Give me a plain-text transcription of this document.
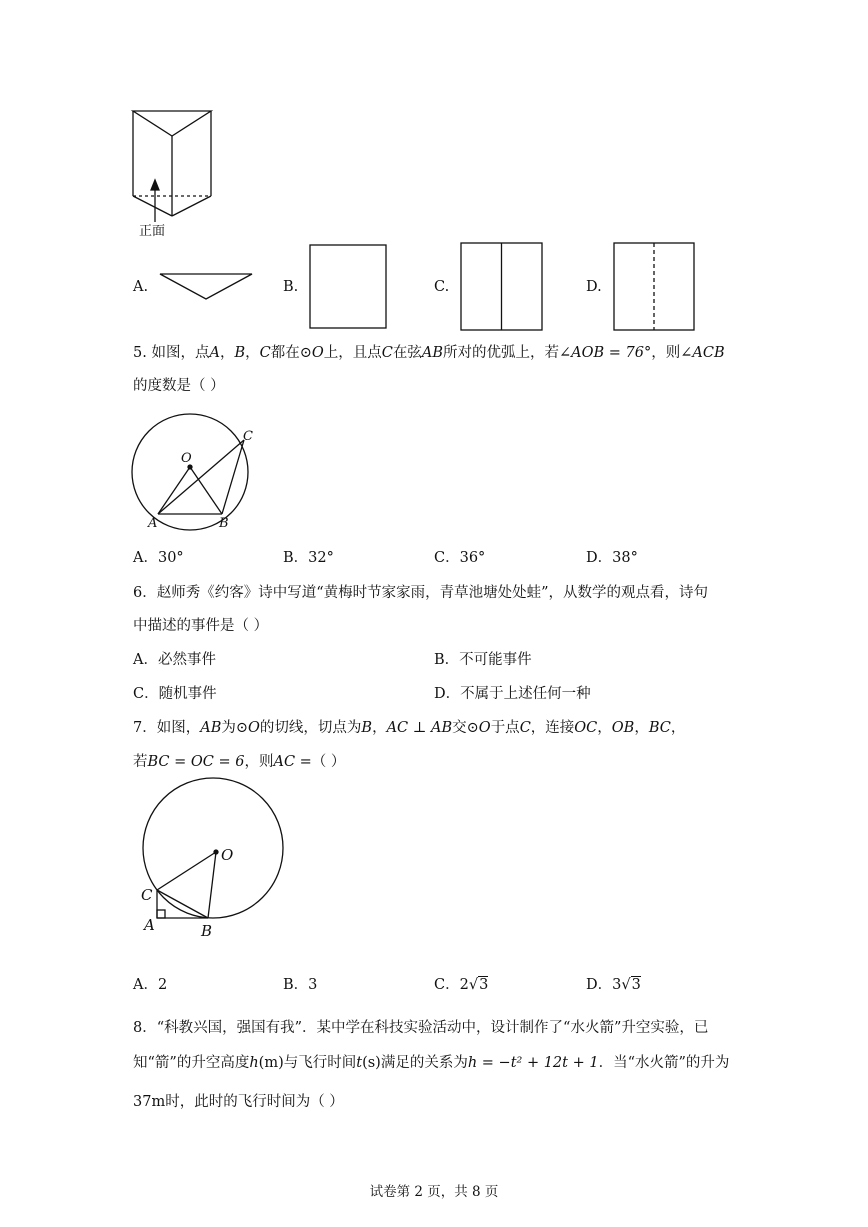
正面
A.	B.	C.	D.
5. 如图，点A，B，C都在⊙O上，且点C在弦AB所对的优弧上，若∠AOB = 76°，则∠ACB
的度数是（ ）
O
A	B
C
A．30°	B．32°	C．36°	D．38°
6．赵师秀《约客》诗中写道“黄梅时节家家雨，青草池塘处处蛙”，从数学的观点看，诗句
中描述的事件是（ ）
A．必然事件	B．不可能事件
C．随机事件	D．不属于上述任何一种
7．如图，AB为⊙O的切线，切点为B，AC ⊥ AB交⊙O于点C，连接OC，OB，BC，
若BC = OC = 6，则AC =（ ）
O
C
A	B
A．2	B．3	C．2√3	D．3√3
8．“科教兴国，强国有我”．某中学在科技实验活动中，设计制作了“水火箭”升空实验，已
知“箭”的升空高度h(m)与飞行时间t(s)满足的关系为h = −t² + 12t + 1．当“水火箭”的升为
37m时，此时的飞行时间为（ ）
试卷第 2 页，共 8 页
